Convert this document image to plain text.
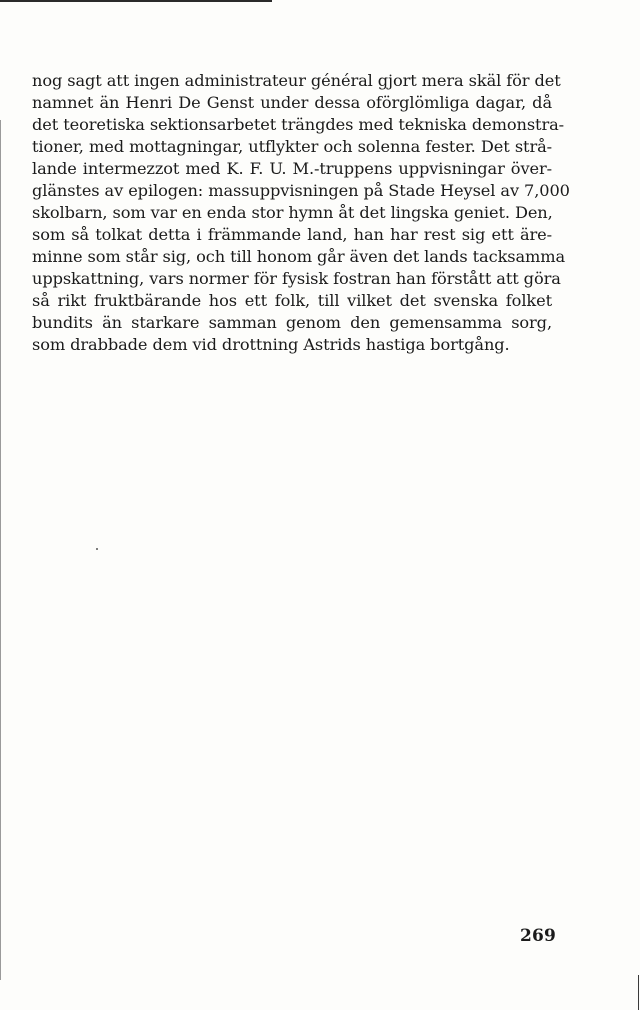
nog sagt att ingen administrateur général gjort mera skäl för det
namnet än Henri De Genst under dessa oförglömliga dagar, då
det teoretiska sektionsarbetet trängdes med tekniska demonstra-
tioner, med mottagningar, utflykter och solenna fester. Det strå-
lande intermezzot med K. F. U. M.-truppens uppvisningar över-
glänstes av epilogen: massuppvisningen på Stade Heysel av 7,000
skolbarn, som var en enda stor hymn åt det lingska geniet. Den,
som så tolkat detta i främmande land, han har rest sig ett äre-
minne som står sig, och till honom går även det lands tacksamma
uppskattning, vars normer för fysisk fostran han förstått att göra
så rikt fruktbärande hos ett folk, till vilket det svenska folket
bundits än starkare samman genom den gemensamma sorg,
som drabbade dem vid drottning Astrids hastiga bortgång.
269
